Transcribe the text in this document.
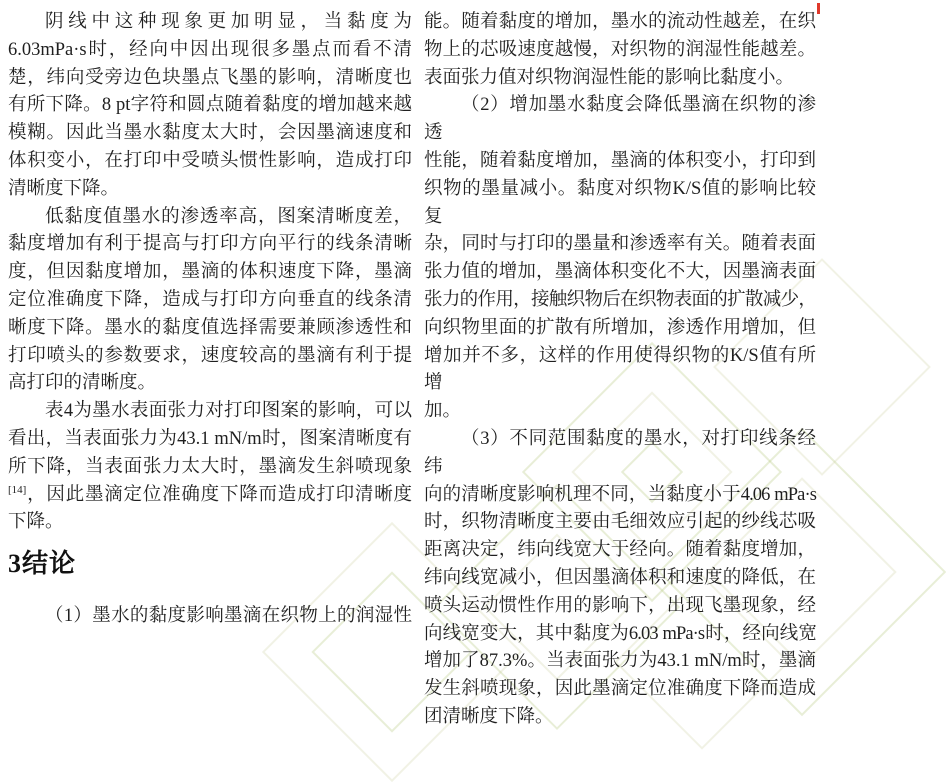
阴线中这种现象更加明显，当黏度为
6.03mPa·s时，经向中因出现很多墨点而看不清
楚，纬向受旁边色块墨点飞墨的影响，清晰度也
有所下降。8 pt字符和圆点随着黏度的增加越来越
模糊。因此当墨水黏度太大时，会因墨滴速度和
体积变小，在打印中受喷头惯性影响，造成打印
清晰度下降。
低黏度值墨水的渗透率高，图案清晰度差，
黏度增加有利于提高与打印方向平行的线条清晰
度，但因黏度增加，墨滴的体积速度下降，墨滴
定位准确度下降，造成与打印方向垂直的线条清
晰度下降。墨水的黏度值选择需要兼顾渗透性和
打印喷头的参数要求，速度较高的墨滴有利于提
高打印的清晰度。
表4为墨水表面张力对打印图案的影响，可以
看出，当表面张力为43.1 mN/m时，图案清晰度有
所下降，当表面张力太大时，墨滴发生斜喷现象
[14]，因此墨滴定位准确度下降而造成打印清晰度
下降。
3结论
（1）墨水的黏度影响墨滴在织物上的润湿性
能。随着黏度的增加，墨水的流动性越差，在织
物上的芯吸速度越慢，对织物的润湿性能越差。
表面张力值对织物润湿性能的影响比黏度小。
（2）增加墨水黏度会降低墨滴在织物的渗透
性能，随着黏度增加，墨滴的体积变小，打印到
织物的墨量减小。黏度对织物K/S值的影响比较复
杂，同时与打印的墨量和渗透率有关。随着表面
张力值的增加，墨滴体积变化不大，因墨滴表面
张力的作用，接触织物后在织物表面的扩散减少，
向织物里面的扩散有所增加，渗透作用增加，但
增加并不多，这样的作用使得织物的K/S值有所增
加。
（3）不同范围黏度的墨水，对打印线条经纬
向的清晰度影响机理不同，当黏度小于4.06 mPa·s
时，织物清晰度主要由毛细效应引起的纱线芯吸
距离决定，纬向线宽大于经向。随着黏度增加，
纬向线宽减小，但因墨滴体积和速度的降低，在
喷头运动惯性作用的影响下，出现飞墨现象，经
向线宽变大，其中黏度为6.03 mPa·s时，经向线宽
增加了87.3%。当表面张力为43.1 mN/m时，墨滴
发生斜喷现象，因此墨滴定位准确度下降而造成
团清晰度下降。
